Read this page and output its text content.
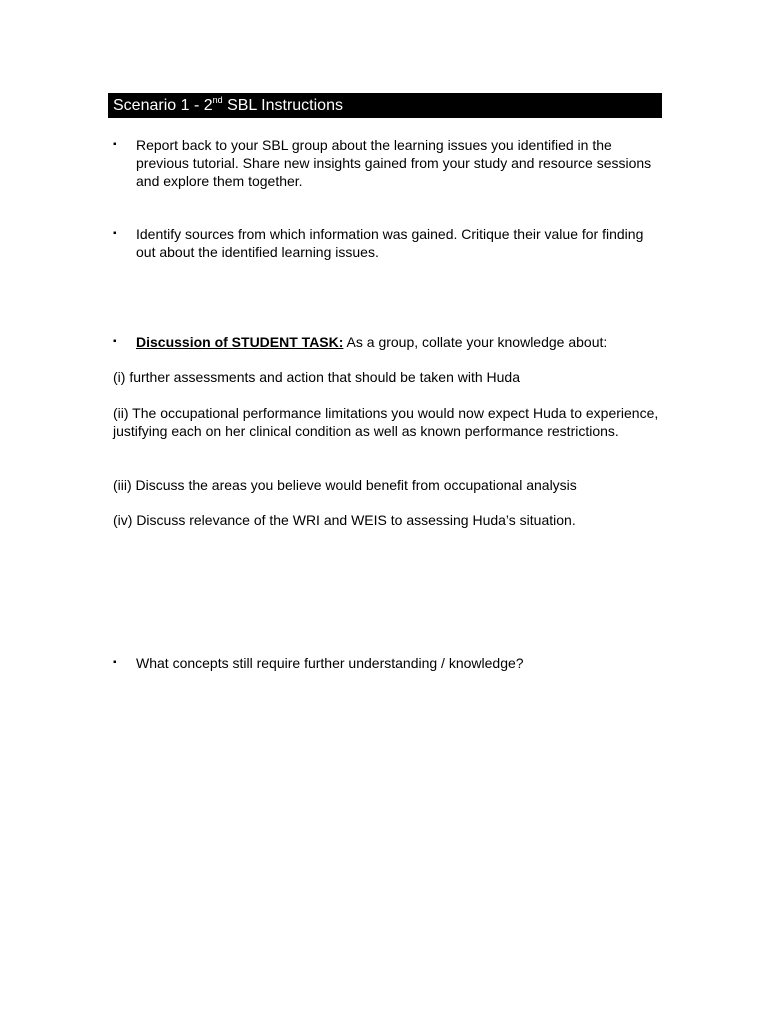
Scenario 1 - 2nd SBL Instructions
▪	Report back to your SBL group about the learning issues you identified in the previous tutorial. Share new insights gained from your study and resource sessions and explore them together.
▪	Identify sources from which information was gained. Critique their value for finding out about the identified learning issues.
▪	Discussion of STUDENT TASK: As a group, collate your knowledge about:
(i) further assessments and action that should be taken with Huda
(ii) The occupational performance limitations you would now expect Huda to experience, justifying each on her clinical condition as well as known performance restrictions.
(iii) Discuss the areas you believe would benefit from occupational analysis
(iv) Discuss relevance of the WRI and WEIS to assessing Huda’s situation.
▪	What concepts still require further understanding / knowledge?
